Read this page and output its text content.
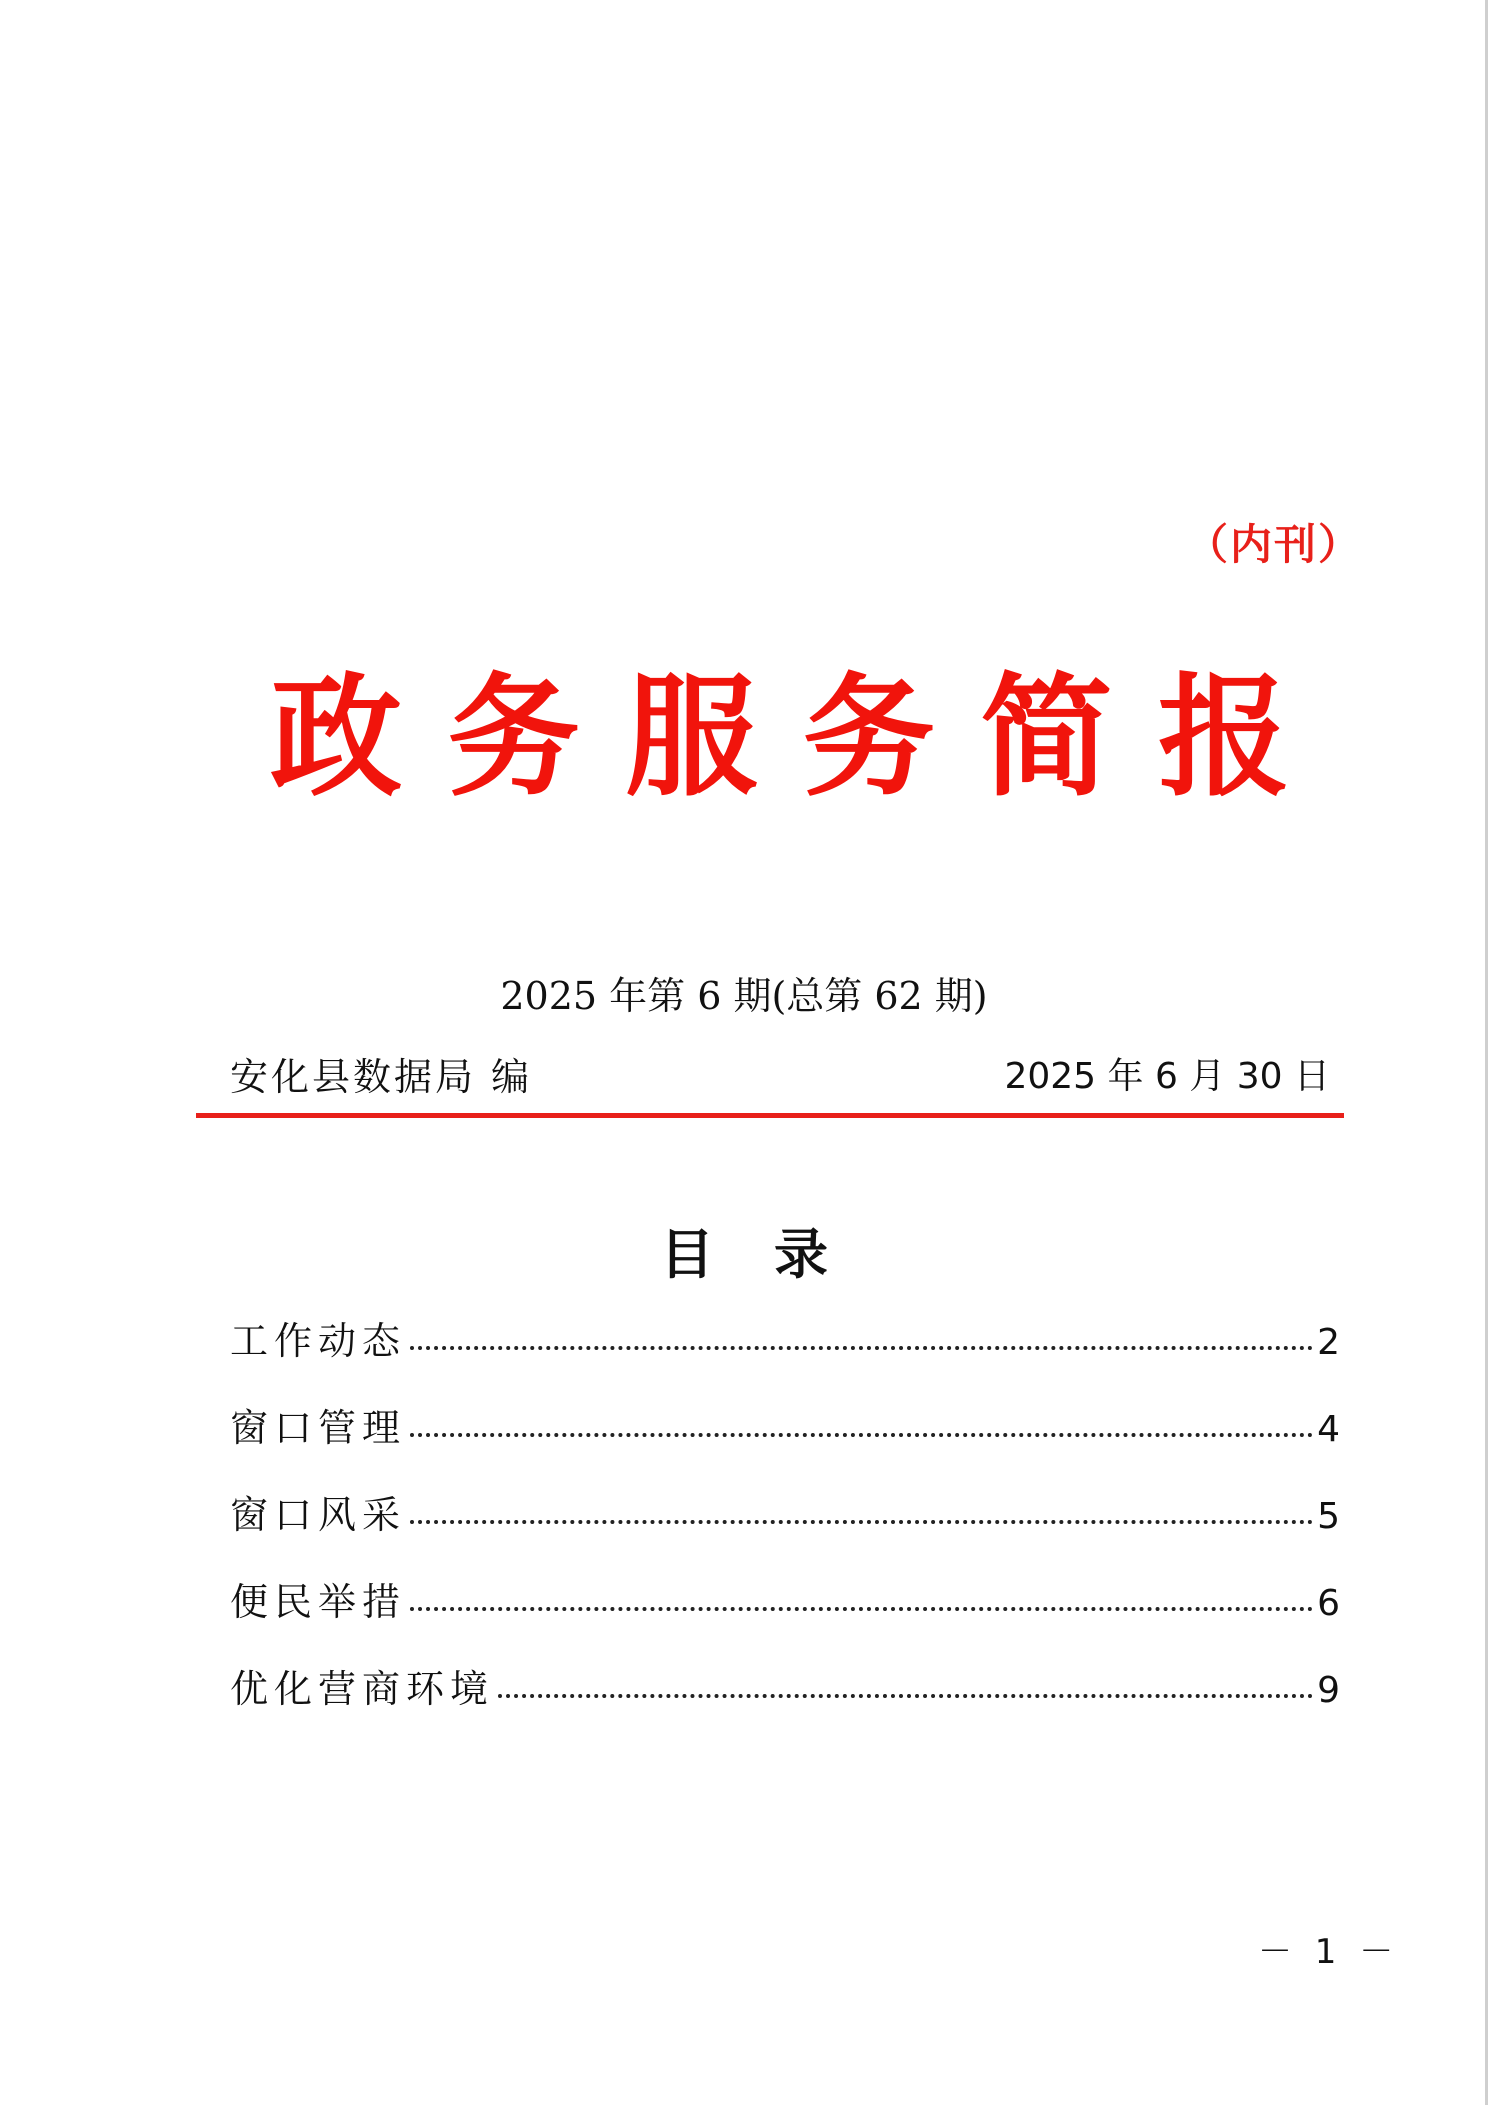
（内刊）
政 务 服 务 简 报
2025 年第 6 期(总第 62 期)
安化县数据局 编	2025 年 6 月 30 日
目录
工作动态	2
窗口管理	4
窗口风采	5
便民举措	6
优化营商环境	9
－ 1 －
